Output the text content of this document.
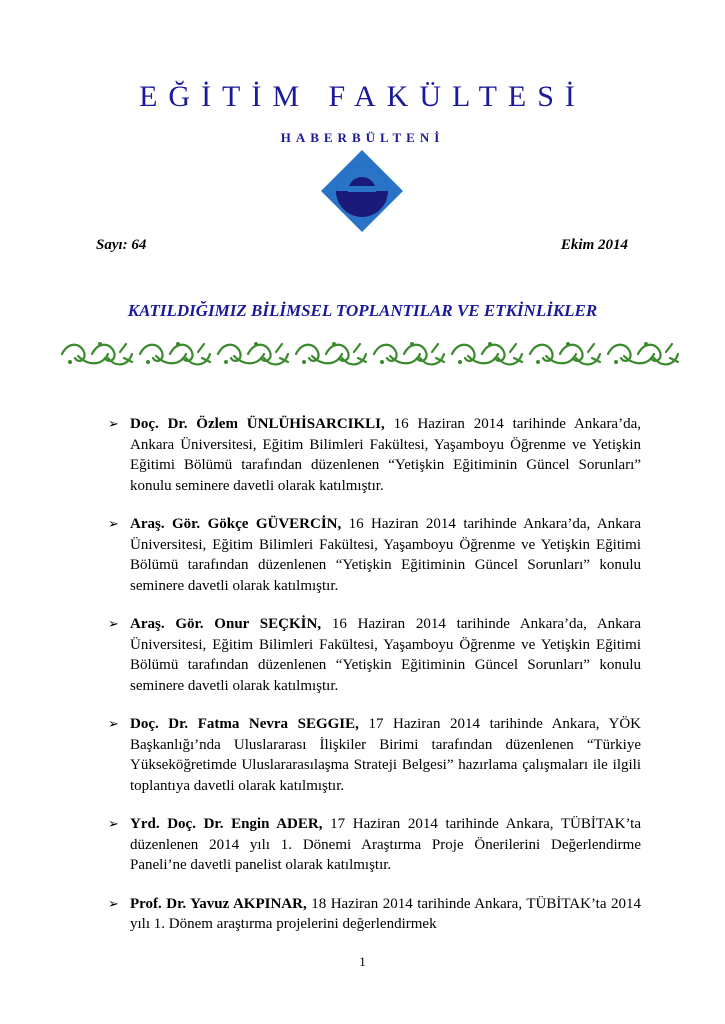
EĞİTİM FAKÜLTESİ
HABERBÜLTENİ
Sayı: 64	Ekim 2014
KATILDIĞIMIZ BİLİMSEL TOPLANTILAR VE ETKİNLİKLER
➢ Doç. Dr. Özlem ÜNLÜHİSARCIKLI, 16 Haziran 2014 tarihinde Ankara’da, Ankara Üniversitesi, Eğitim Bilimleri Fakültesi, Yaşamboyu Öğrenme ve Yetişkin Eğitimi Bölümü tarafından düzenlenen “Yetişkin Eğitiminin Güncel Sorunları” konulu seminere davetli olarak katılmıştır.
➢ Araş. Gör. Gökçe GÜVERCİN, 16 Haziran 2014 tarihinde Ankara’da, Ankara Üniversitesi, Eğitim Bilimleri Fakültesi, Yaşamboyu Öğrenme ve Yetişkin Eğitimi Bölümü tarafından düzenlenen “Yetişkin Eğitiminin Güncel Sorunları” konulu seminere davetli olarak katılmıştır.
➢ Araş. Gör. Onur SEÇKİN, 16 Haziran 2014 tarihinde Ankara’da, Ankara Üniversitesi, Eğitim Bilimleri Fakültesi, Yaşamboyu Öğrenme ve Yetişkin Eğitimi Bölümü tarafından düzenlenen “Yetişkin Eğitiminin Güncel Sorunları” konulu seminere davetli olarak katılmıştır.
➢ Doç. Dr. Fatma Nevra SEGGIE, 17 Haziran 2014 tarihinde Ankara, YÖK Başkanlığı’nda Uluslararası İlişkiler Birimi tarafından düzenlenen “Türkiye Yükseköğretimde Uluslararasılaşma Strateji Belgesi” hazırlama çalışmaları ile ilgili toplantıya davetli olarak katılmıştır.
➢ Yrd. Doç. Dr. Engin ADER, 17 Haziran 2014 tarihinde Ankara, TÜBİTAK’ta düzenlenen 2014 yılı 1. Dönemi Araştırma Proje Önerilerini Değerlendirme Paneli’ne davetli panelist olarak katılmıştır.
➢ Prof. Dr. Yavuz AKPINAR, 18 Haziran 2014 tarihinde Ankara, TÜBİTAK’ta 2014 yılı 1. Dönem araştırma projelerini değerlendirmek
1
